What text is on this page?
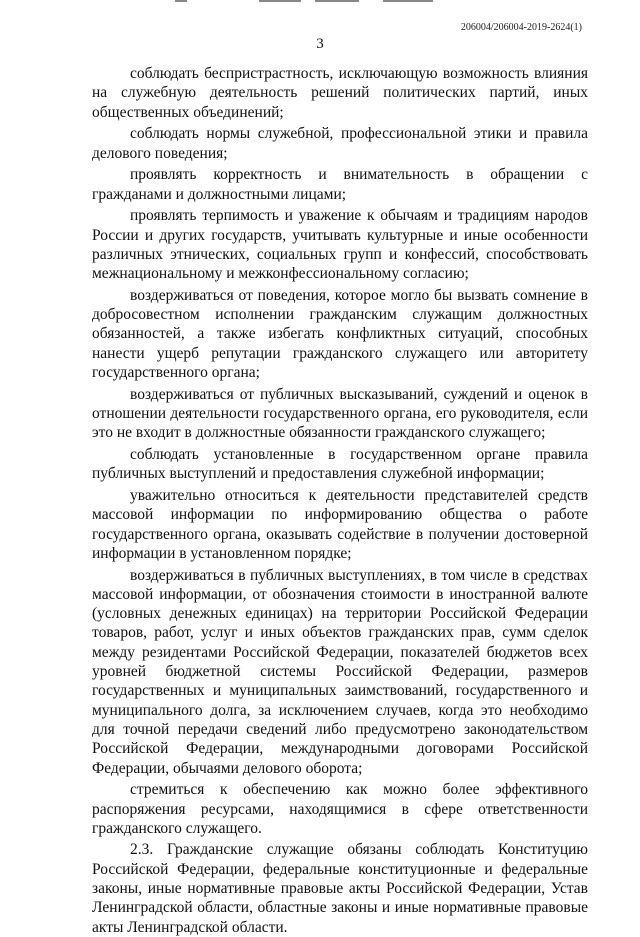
206004/206004-2019-2624(1)
3

соблюдать беспристрастность, исключающую возможность влияния на служебную деятельность решений политических партий, иных общественных объединений;

соблюдать нормы служебной, профессиональной этики и правила делового поведения;

проявлять корректность и внимательность в обращении с гражданами и должностными лицами;

проявлять терпимость и уважение к обычаям и традициям народов России и других государств, учитывать культурные и иные особенности различных этнических, социальных групп и конфессий, способствовать межнациональному и межконфессиональному согласию;

воздерживаться от поведения, которое могло бы вызвать сомнение в добросовестном исполнении гражданским служащим должностных обязанностей, а также избегать конфликтных ситуаций, способных нанести ущерб репутации гражданского служащего или авторитету государственного органа;

воздерживаться от публичных высказываний, суждений и оценок в отношении деятельности государственного органа, его руководителя, если это не входит в должностные обязанности гражданского служащего;

соблюдать установленные в государственном органе правила публичных выступлений и предоставления служебной информации;

уважительно относиться к деятельности представителей средств массовой информации по информированию общества о работе государственного органа, оказывать содействие в получении достоверной информации в установленном порядке;

воздерживаться в публичных выступлениях, в том числе в средствах массовой информации, от обозначения стоимости в иностранной валюте (условных денежных единицах) на территории Российской Федерации товаров, работ, услуг и иных объектов гражданских прав, сумм сделок между резидентами Российской Федерации, показателей бюджетов всех уровней бюджетной системы Российской Федерации, размеров государственных и муниципальных заимствований, государственного и муниципального долга, за исключением случаев, когда это необходимо для точной передачи сведений либо предусмотрено законодательством Российской Федерации, международными договорами Российской Федерации, обычаями делового оборота;

стремиться к обеспечению как можно более эффективного распоряжения ресурсами, находящимися в сфере ответственности гражданского служащего.

2.3. Гражданские служащие обязаны соблюдать Конституцию Российской Федерации, федеральные конституционные и федеральные законы, иные нормативные правовые акты Российской Федерации, Устав Ленинградской области, областные законы и иные нормативные правовые акты Ленинградской области.
